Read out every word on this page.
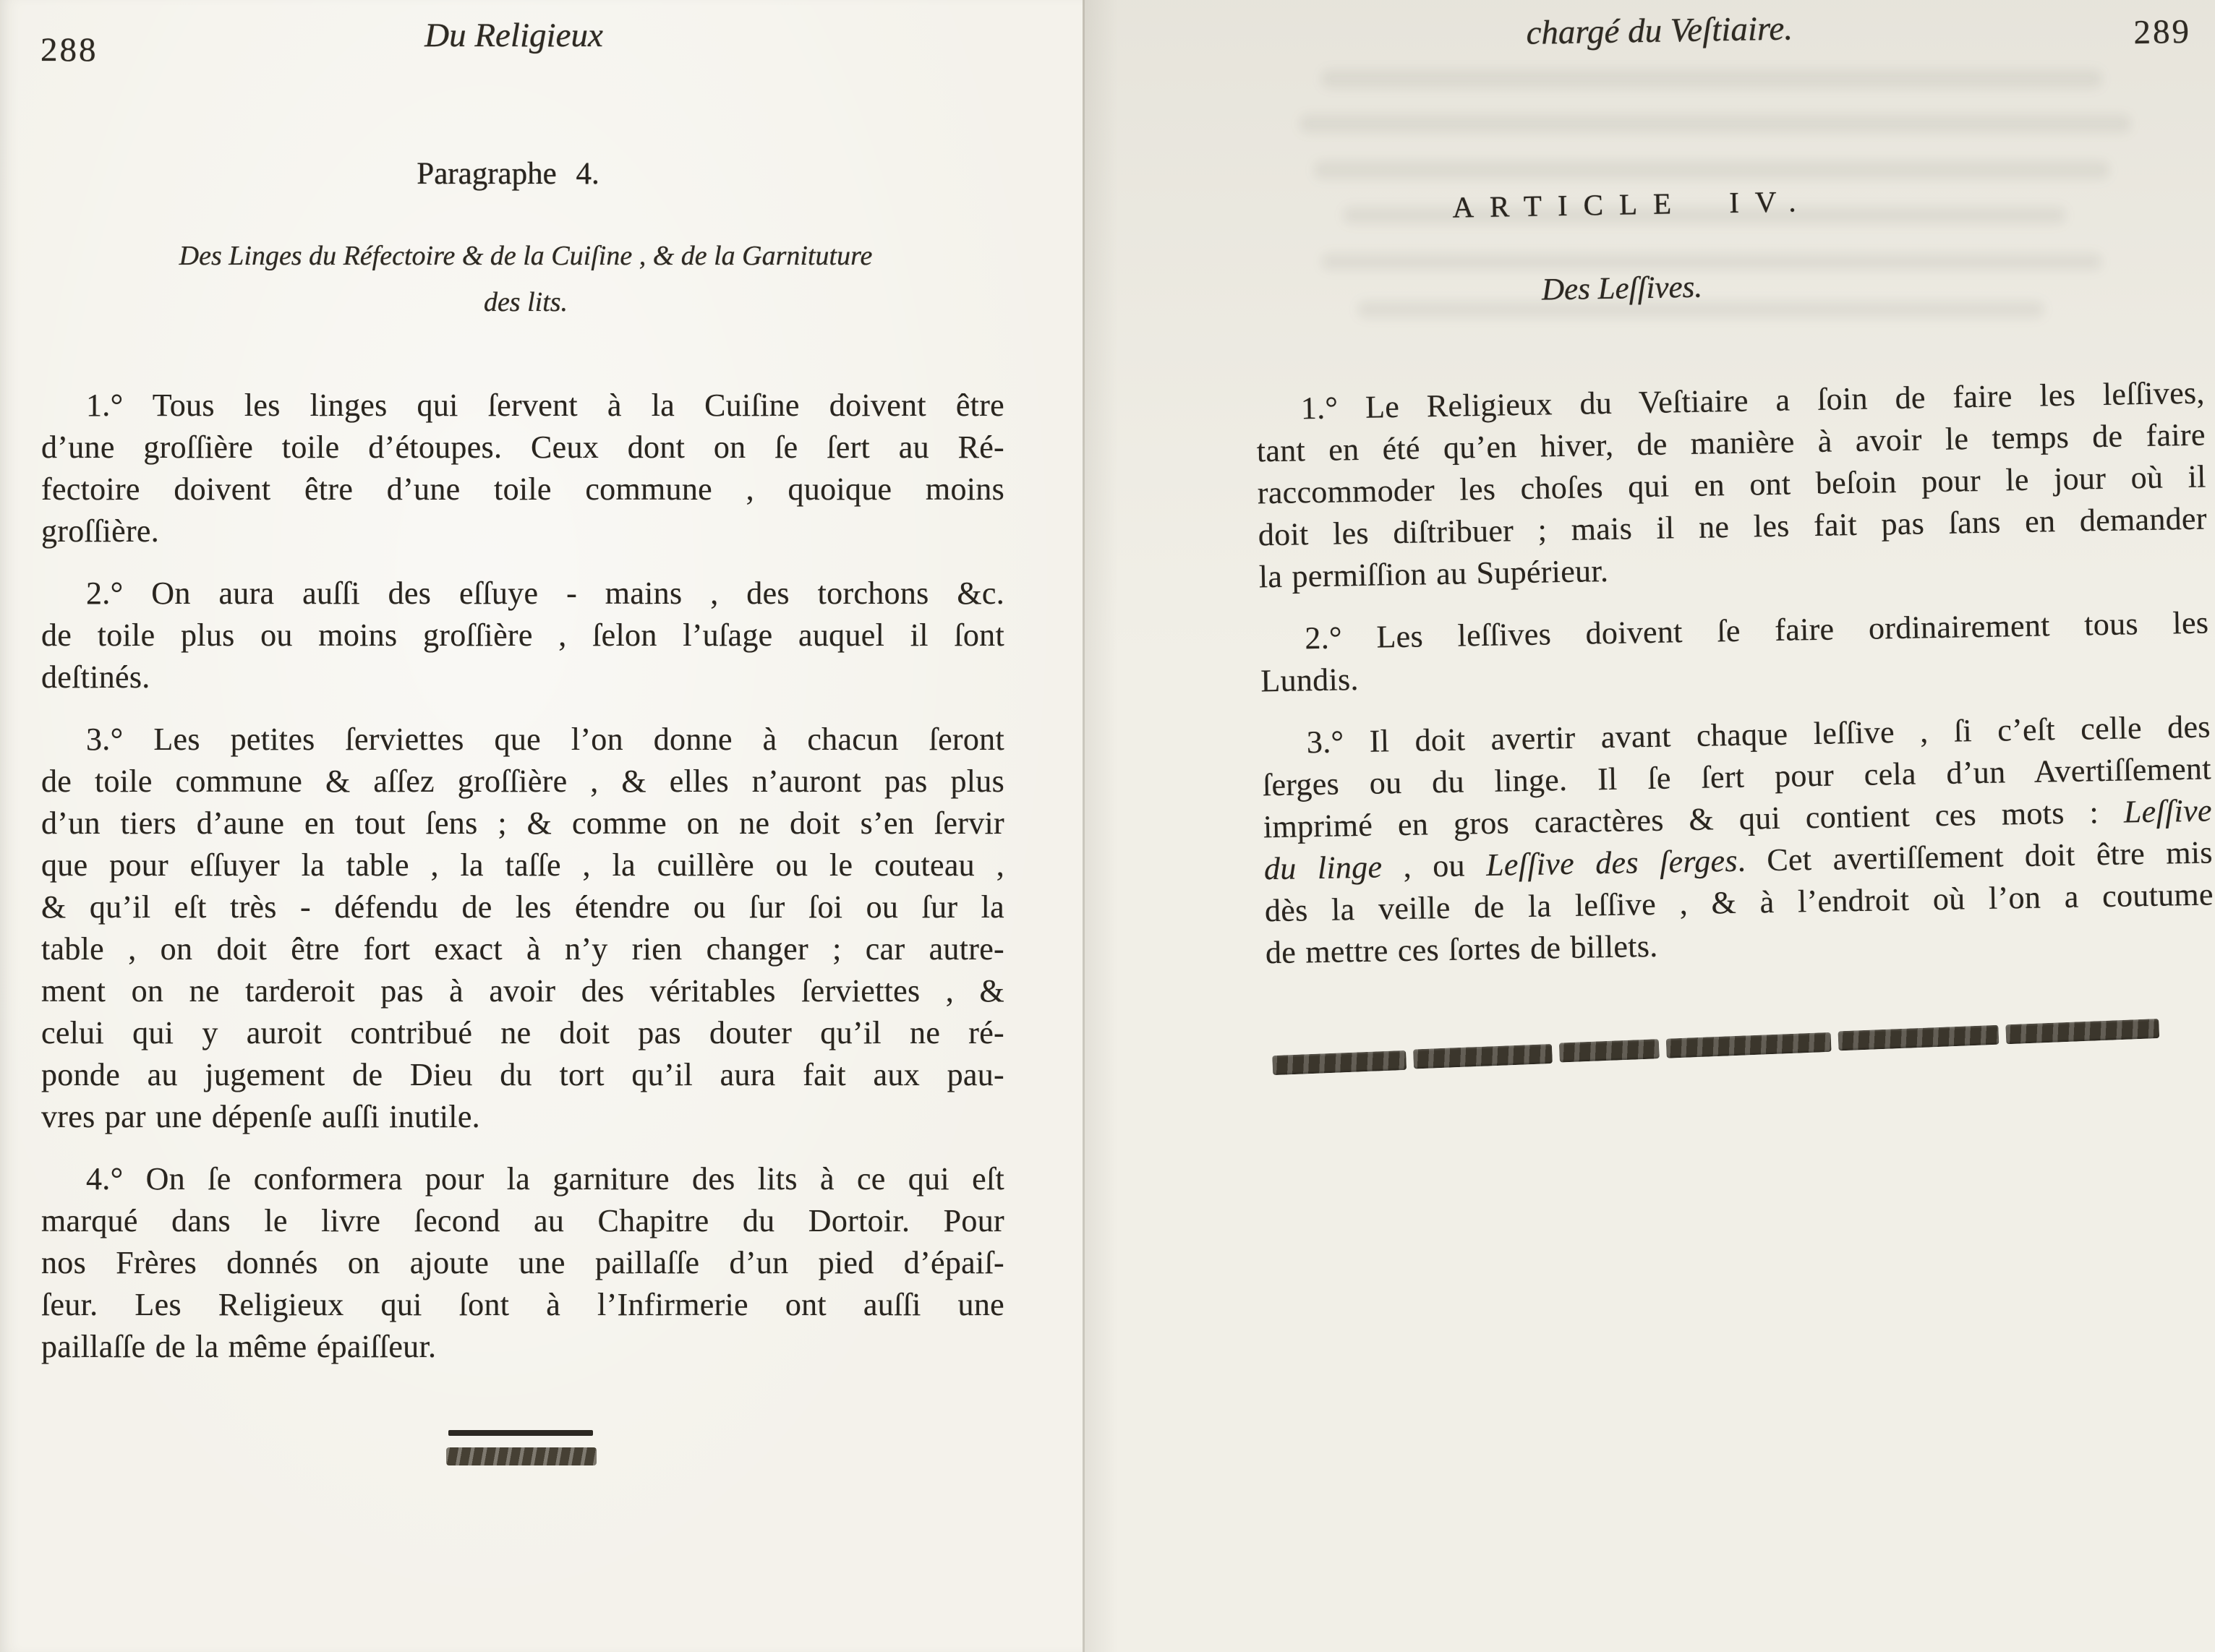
288	Du Religieux
Paragraphe 4.
Des Linges du Réfectoire & de la Cuiſine , & de la Garnituture
des lits.
1.° Tous les linges qui ſervent à la Cuiſine doivent être
d’une groſſière toile d’étoupes. Ceux dont on ſe ſert au Ré-
fectoire doivent être d’une toile commune , quoique moins
groſſière.
2.° On aura auſſi des eſſuye - mains , des torchons &c.
de toile plus ou moins groſſière , ſelon l’uſage auquel il ſont
deſtinés.
3.° Les petites ſerviettes que l’on donne à chacun ſeront
de toile commune & aſſez groſſière , & elles n’auront pas plus
d’un tiers d’aune en tout ſens ; & comme on ne doit s’en ſervir
que pour eſſuyer la table , la taſſe , la cuillère ou le couteau ,
& qu’il eſt très - défendu de les étendre ou ſur ſoi ou ſur la
table , on doit être fort exact à n’y rien changer ; car autre-
ment on ne tarderoit pas à avoir des véritables ſerviettes , &
celui qui y auroit contribué ne doit pas douter qu’il ne ré-
ponde au jugement de Dieu du tort qu’il aura fait aux pau-
vres par une dépenſe auſſi inutile.
4.° On ſe conformera pour la garniture des lits à ce qui eſt
marqué dans le livre ſecond au Chapitre du Dortoir. Pour
nos Frères donnés on ajoute une paillaſſe d’un pied d’épaiſ-
ſeur. Les Religieux qui ſont à l’Infirmerie ont auſſi une
paillaſſe de la même épaiſſeur.
chargé du Veſtiaire.	289
ARTICLE IV.
Des Leſſives.
1.° Le Religieux du Veſtiaire a ſoin de faire les leſſives,
tant en été qu’en hiver, de manière à avoir le temps de faire
raccommoder les choſes qui en ont beſoin pour le jour où il
doit les diſtribuer ; mais il ne les fait pas ſans en demander
la permiſſion au Supérieur.
2.° Les leſſives doivent ſe faire ordinairement tous les
Lundis.
3.° Il doit avertir avant chaque leſſive , ſi c’eſt celle des
ſerges ou du linge. Il ſe ſert pour cela d’un Avertiſſement
imprimé en gros caractères & qui contient ces mots : Leſſive
du linge , ou Leſſive des ſerges. Cet avertiſſement doit être mis
dès la veille de la leſſive , & à l’endroit où l’on a coutume
de mettre ces ſortes de billets.
